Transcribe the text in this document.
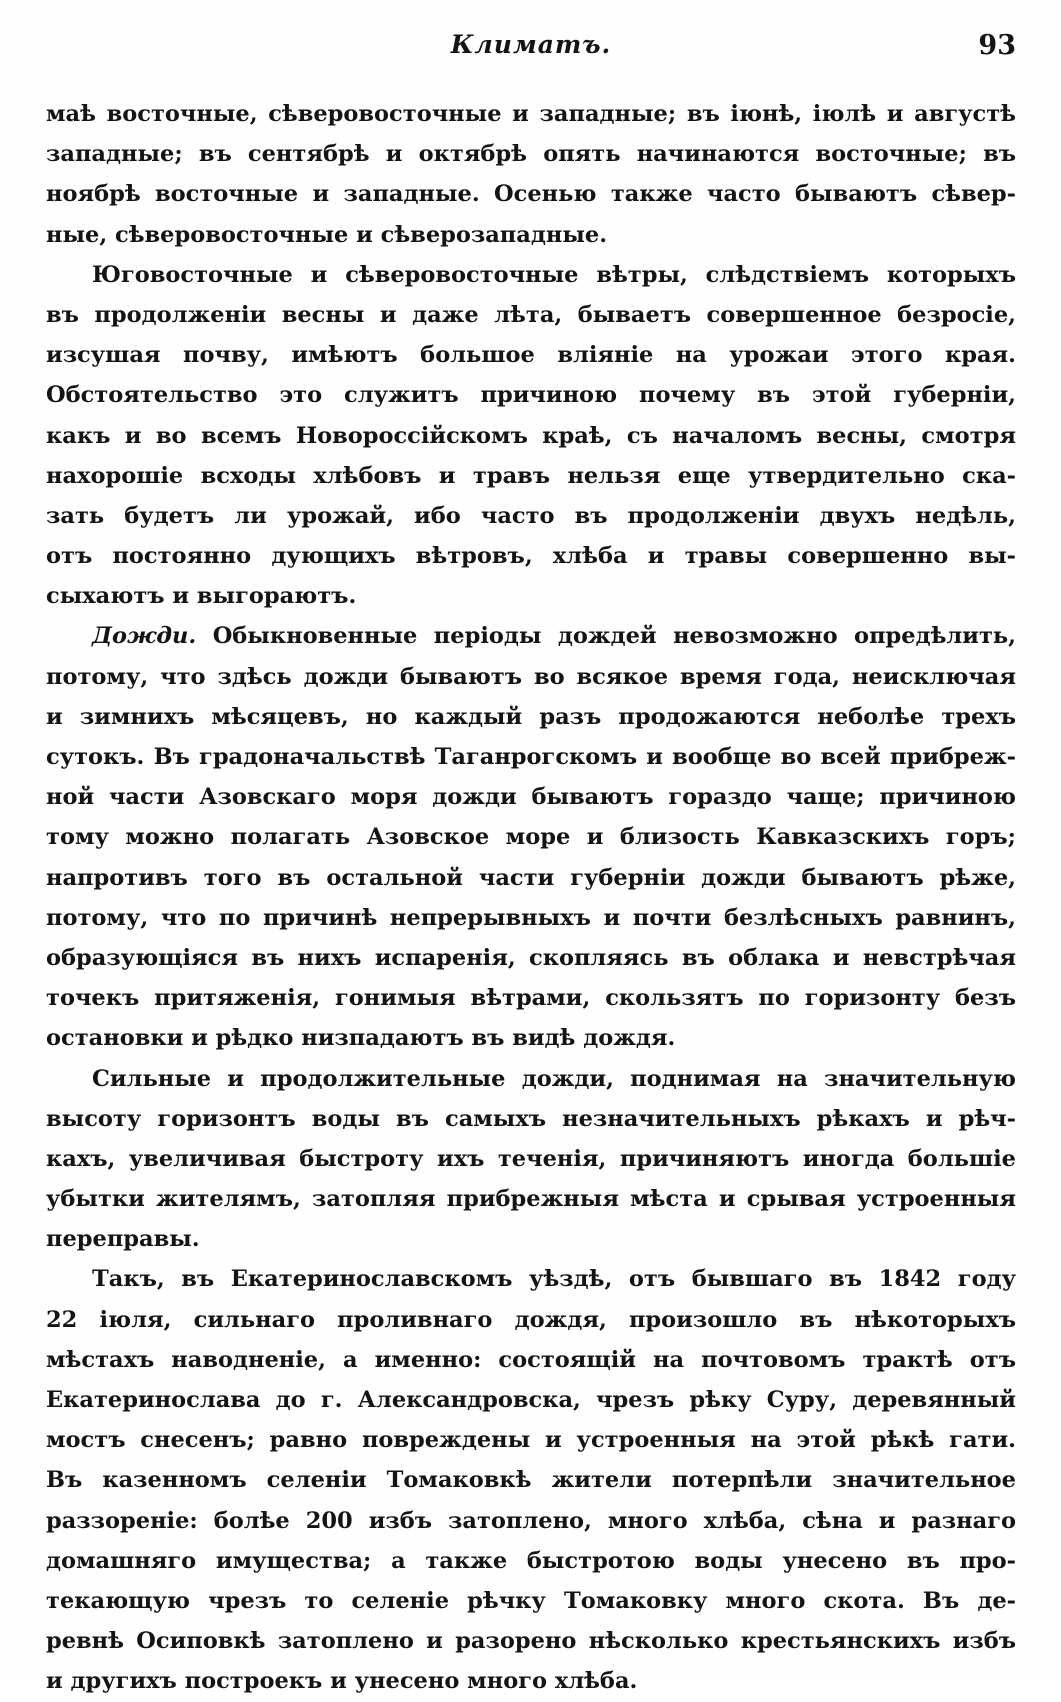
Климатъ.	93
маѣ восточные, сѣверовосточные и западные; въ іюнѣ, іюлѣ и августѣ
западные; въ сентябрѣ и октябрѣ опять начинаются восточные; въ
ноябрѣ восточные и западные. Осенью также часто бываютъ сѣвер-
ные, сѣверовосточные и сѣверозападные.
Юговосточные и сѣверовосточные вѣтры, слѣдствіемъ которыхъ
въ продолженіи весны и даже лѣта, бываетъ совершенное безросіе,
изсушая почву, имѣютъ большое вліяніе на урожаи этого края.
Обстоятельство это служитъ причиною почему въ этой губерніи,
какъ и во всемъ Новороссійскомъ краѣ, съ началомъ весны, смотря
нахорошіе всходы хлѣбовъ и травъ нельзя еще утвердительно ска-
зать будетъ ли урожай, ибо часто въ продолженіи двухъ недѣль,
отъ постоянно дующихъ вѣтровъ, хлѣба и травы совершенно вы-
сыхаютъ и выгораютъ.
Дожди. Обыкновенные періоды дождей невозможно опредѣлить,
потому, что здѣсь дожди бываютъ во всякое время года, неисключая
и зимнихъ мѣсяцевъ, но каждый разъ продожаются неболѣе трехъ
сутокъ. Въ градоначальствѣ Таганрогскомъ и вообще во всей прибреж-
ной части Азовскаго моря дожди бываютъ гораздо чаще; причиною
тому можно полагать Азовское море и близость Кавказскихъ горъ;
напротивъ того въ остальной части губерніи дожди бываютъ рѣже,
потому, что по причинѣ непрерывныхъ и почти безлѣсныхъ равнинъ,
образующіяся въ нихъ испаренія, скопляясь въ облака и невстрѣчая
точекъ притяженія, гонимыя вѣтрами, скользятъ по горизонту безъ
остановки и рѣдко низпадаютъ въ видѣ дождя.
Сильные и продолжительные дожди, поднимая на значительную
высоту горизонтъ воды въ самыхъ незначительныхъ рѣкахъ и рѣч-
кахъ, увеличивая быстроту ихъ теченія, причиняютъ иногда большіе
убытки жителямъ, затопляя прибрежныя мѣста и срывая устроенныя
переправы.
Такъ, въ Екатеринославскомъ уѣздѣ, отъ бывшаго въ 1842 году
22 іюля, сильнаго проливнаго дождя, произошло въ нѣкоторыхъ
мѣстахъ наводненіе, а именно: состоящій на почтовомъ трактѣ отъ
Екатеринослава до г. Александровска, чрезъ рѣку Суру, деревянный
мостъ снесенъ; равно повреждены и устроенныя на этой рѣкѣ гати.
Въ казенномъ селеніи Томаковкѣ жители потерпѣли значительное
раззореніе: болѣе 200 избъ затоплено, много хлѣба, сѣна и разнаго
домашняго имущества; а также быстротою воды унесено въ про-
текающую чрезъ то селеніе рѣчку Томаковку много скота. Въ де-
ревнѣ Осиповкѣ затоплено и разорено нѣсколько крестьянскихъ избъ
и другихъ построекъ и унесено много хлѣба.
